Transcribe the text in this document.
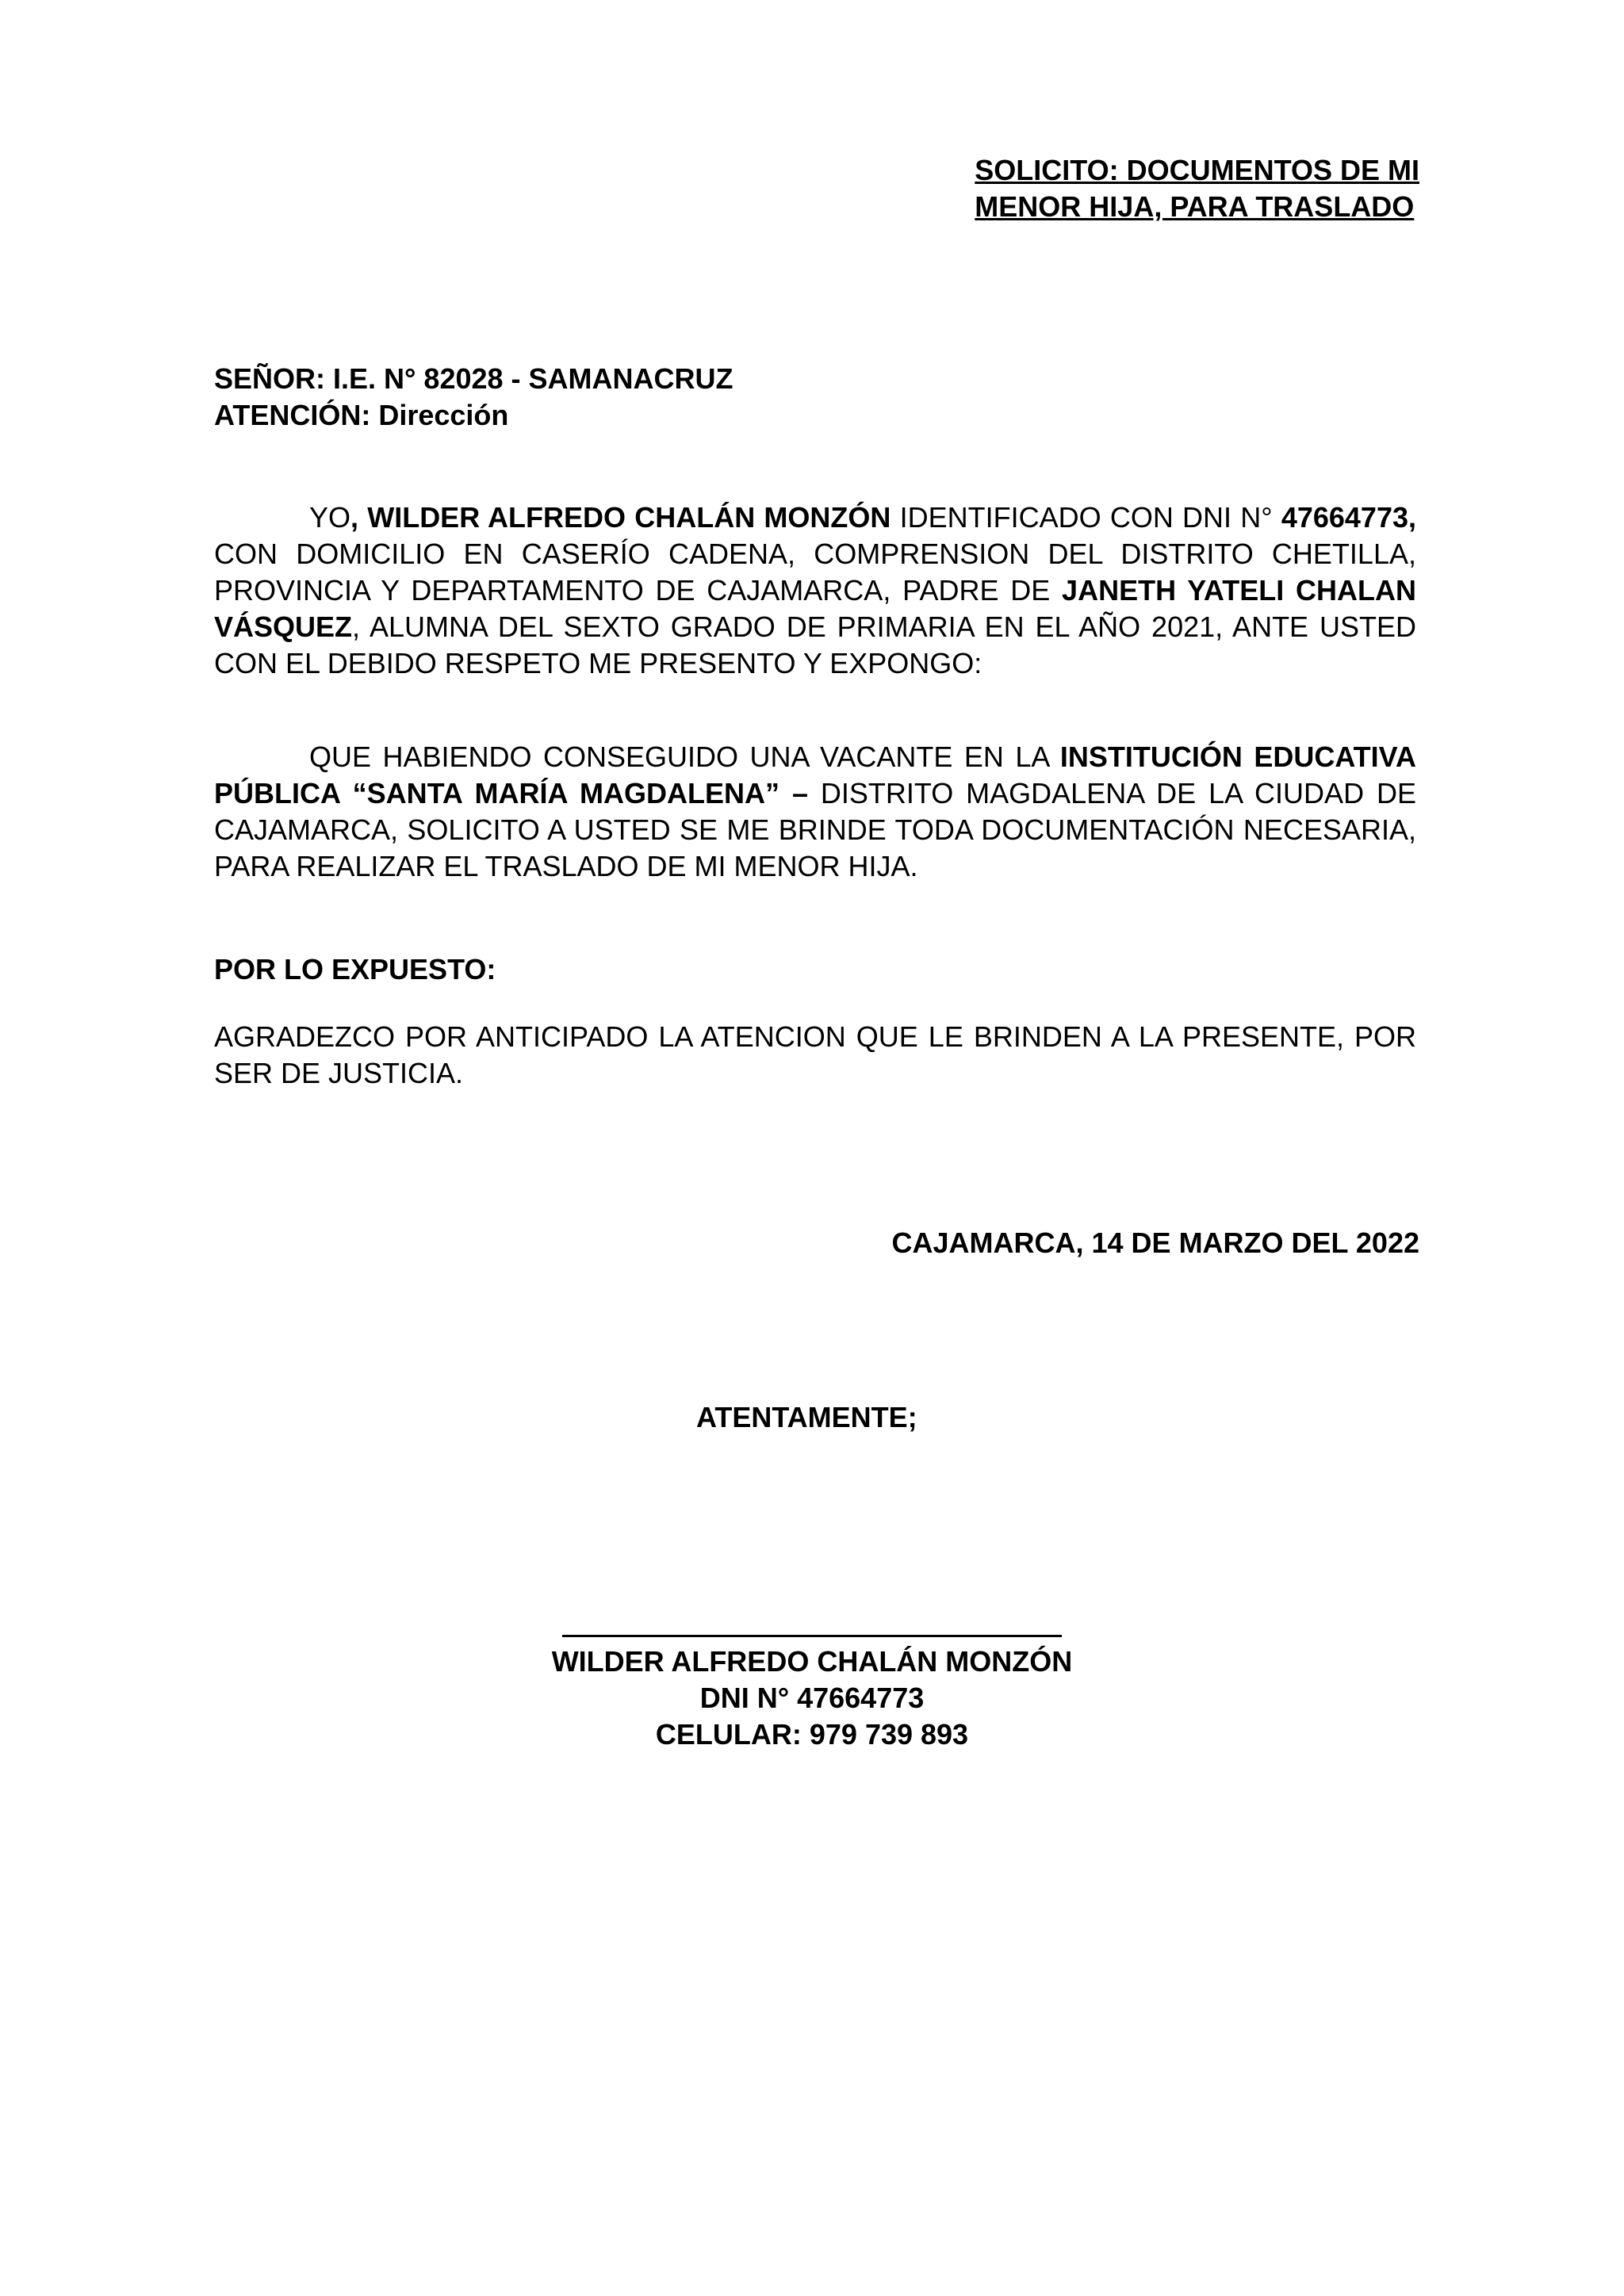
SOLICITO: DOCUMENTOS DE MI
MENOR HIJA, PARA TRASLADO
SEÑOR: I.E. N° 82028 - SAMANACRUZ
ATENCIÓN: Dirección
YO, WILDER ALFREDO CHALÁN MONZÓN IDENTIFICADO CON DNI N° 47664773, CON DOMICILIO EN CASERÍO CADENA, COMPRENSION DEL DISTRITO CHETILLA, PROVINCIA Y DEPARTAMENTO DE CAJAMARCA, PADRE DE JANETH YATELI CHALAN VÁSQUEZ, ALUMNA DEL SEXTO GRADO DE PRIMARIA EN EL AÑO 2021, ANTE USTED CON EL DEBIDO RESPETO ME PRESENTO Y EXPONGO:
QUE HABIENDO CONSEGUIDO UNA VACANTE EN LA INSTITUCIÓN EDUCATIVA PÚBLICA “SANTA MARÍA MAGDALENA” – DISTRITO MAGDALENA DE LA CIUDAD DE CAJAMARCA, SOLICITO A USTED SE ME BRINDE TODA DOCUMENTACIÓN NECESARIA, PARA REALIZAR EL TRASLADO DE MI MENOR HIJA.
POR LO EXPUESTO:
AGRADEZCO POR ANTICIPADO LA ATENCION QUE LE BRINDEN A LA PRESENTE, POR SER DE JUSTICIA.
CAJAMARCA, 14 DE MARZO DEL 2022
ATENTAMENTE;
WILDER ALFREDO CHALÁN MONZÓN
DNI N° 47664773
CELULAR: 979 739 893
